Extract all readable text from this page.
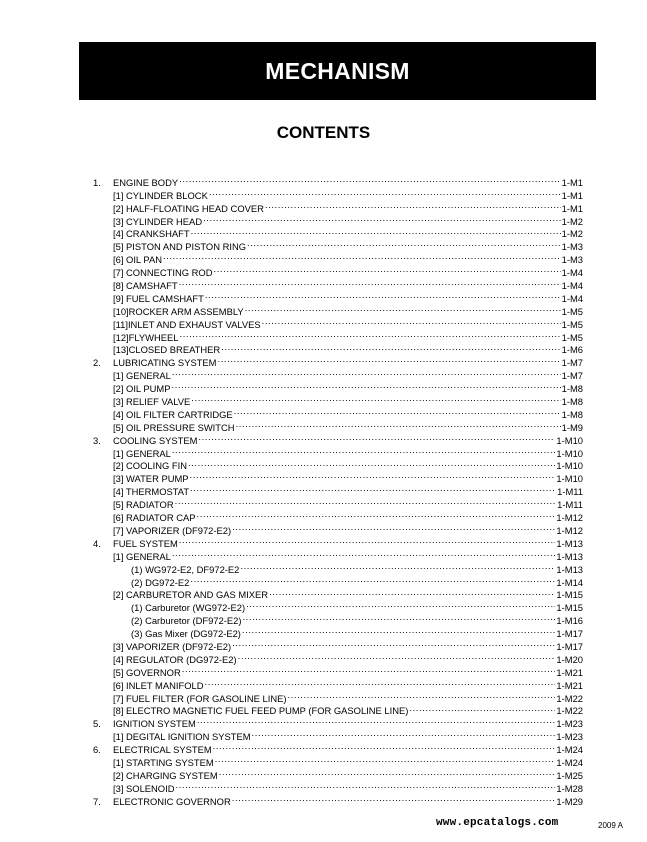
MECHANISM
CONTENTS
1.	ENGINE BODY .....	1-M1
[1] CYLINDER BLOCK .....	1-M1
[2] HALF-FLOATING HEAD COVER .....	1-M1
[3] CYLINDER HEAD .....	1-M2
[4] CRANKSHAFT .....	1-M2
[5] PISTON AND PISTON RING .....	1-M3
[6] OIL PAN .....	1-M3
[7] CONNECTING ROD .....	1-M4
[8] CAMSHAFT .....	1-M4
[9] FUEL CAMSHAFT .....	1-M4
[10]ROCKER ARM ASSEMBLY .....	1-M5
[11]INLET AND EXHAUST VALVES .....	1-M5
[12]FLYWHEEL .....	1-M5
[13]CLOSED BREATHER .....	1-M6
2.	LUBRICATING SYSTEM .....	1-M7
[1] GENERAL .....	1-M7
[2] OIL PUMP .....	1-M8
[3] RELIEF VALVE .....	1-M8
[4] OIL FILTER CARTRIDGE .....	1-M8
[5] OIL PRESSURE SWITCH .....	1-M9
3.	COOLING SYSTEM .....	1-M10
[1] GENERAL .....	1-M10
[2] COOLING FIN .....	1-M10
[3] WATER PUMP .....	1-M10
[4] THERMOSTAT .....	1-M11
[5] RADIATOR .....	1-M11
[6] RADIATOR CAP .....	1-M12
[7] VAPORIZER (DF972-E2) .....	1-M12
4.	FUEL SYSTEM .....	1-M13
[1] GENERAL .....	1-M13
(1) WG972-E2, DF972-E2 .....	1-M13
(2) DG972-E2 .....	1-M14
[2] CARBURETOR AND GAS MIXER .....	1-M15
(1) Carburetor (WG972-E2) .....	1-M15
(2) Carburetor (DF972-E2) .....	1-M16
(3) Gas Mixer (DG972-E2) .....	1-M17
[3] VAPORIZER (DF972-E2) .....	1-M17
[4] REGULATOR (DG972-E2) .....	1-M20
[5] GOVERNOR .....	1-M21
[6] INLET MANIFOLD .....	1-M21
[7] FUEL FILTER (FOR GASOLINE LINE) .....	1-M22
[8] ELECTRO MAGNETIC FUEL FEED PUMP (FOR GASOLINE LINE) .....	1-M22
5.	IGNITION SYSTEM .....	1-M23
[1] DEGITAL IGNITION SYSTEM .....	1-M23
6.	ELECTRICAL SYSTEM .....	1-M24
[1] STARTING SYSTEM .....	1-M24
[2] CHARGING SYSTEM .....	1-M25
[3] SOLENOID .....	1-M28
7.	ELECTRONIC GOVERNOR .....	1-M29
www.epcatalogs.com	2009 A
